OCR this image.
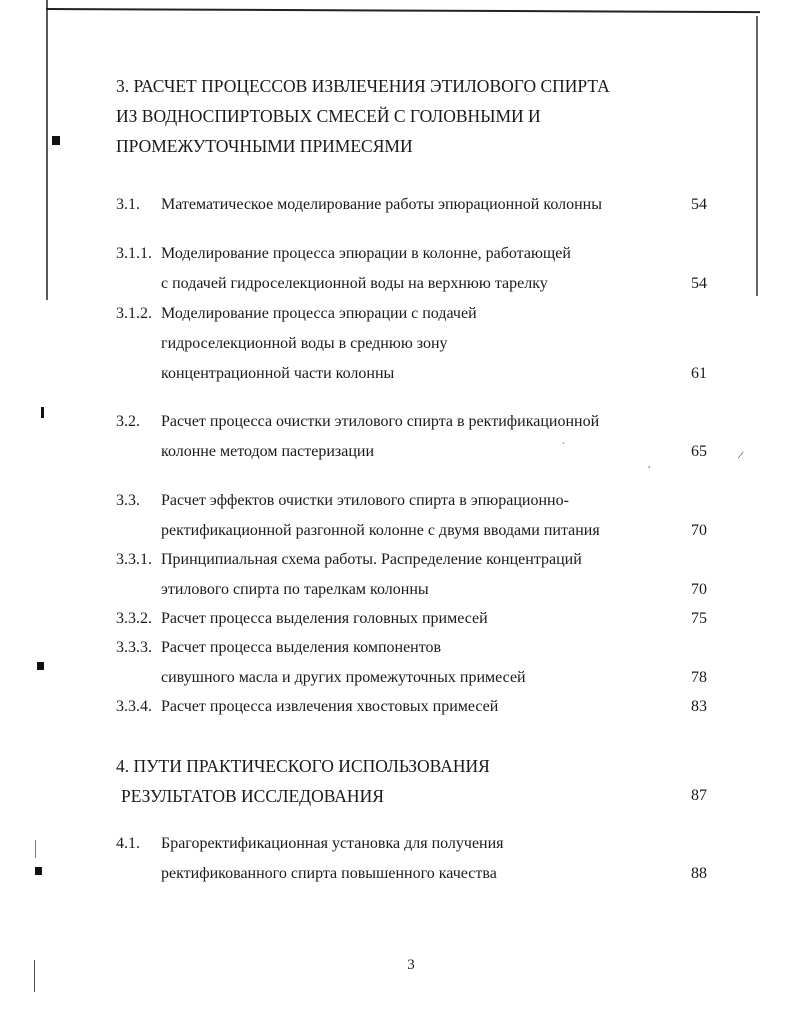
3. РАСЧЕТ ПРОЦЕССОВ ИЗВЛЕЧЕНИЯ ЭТИЛОВОГО СПИРТА
ИЗ ВОДНОСПИРТОВЫХ СМЕСЕЙ С ГОЛОВНЫМИ И
ПРОМЕЖУТОЧНЫМИ ПРИМЕСЯМИ
3.1. Математическое моделирование работы эпюрационной колонны	54
3.1.1. Моделирование процесса эпюрации в колонне, работающей
с подачей гидроселекционной воды на верхнюю тарелку	54
3.1.2. Моделирование процесса эпюрации с подачей
гидроселекционной воды в среднюю зону
концентрационной части колонны	61
3.2. Расчет процесса очистки этилового спирта в ректификационной
колонне методом пастеризации	65
3.3. Расчет эффектов очистки этилового спирта в эпюрационно-
ректификационной разгонной колонне с двумя вводами питания	70
3.3.1. Принципиальная схема работы. Распределение концентраций
этилового спирта по тарелкам колонны	70
3.3.2. Расчет процесса выделения головных примесей	75
3.3.3. Расчет процесса выделения компонентов
сивушного масла и других промежуточных примесей	78
3.3.4. Расчет процесса извлечения хвостовых примесей	83
4. ПУТИ ПРАКТИЧЕСКОГО ИСПОЛЬЗОВАНИЯ
РЕЗУЛЬТАТОВ ИССЛЕДОВАНИЯ	87
4.1. Брагоректификационная установка для получения
ректификованного спирта повышенного качества	88
3
/
`
,
